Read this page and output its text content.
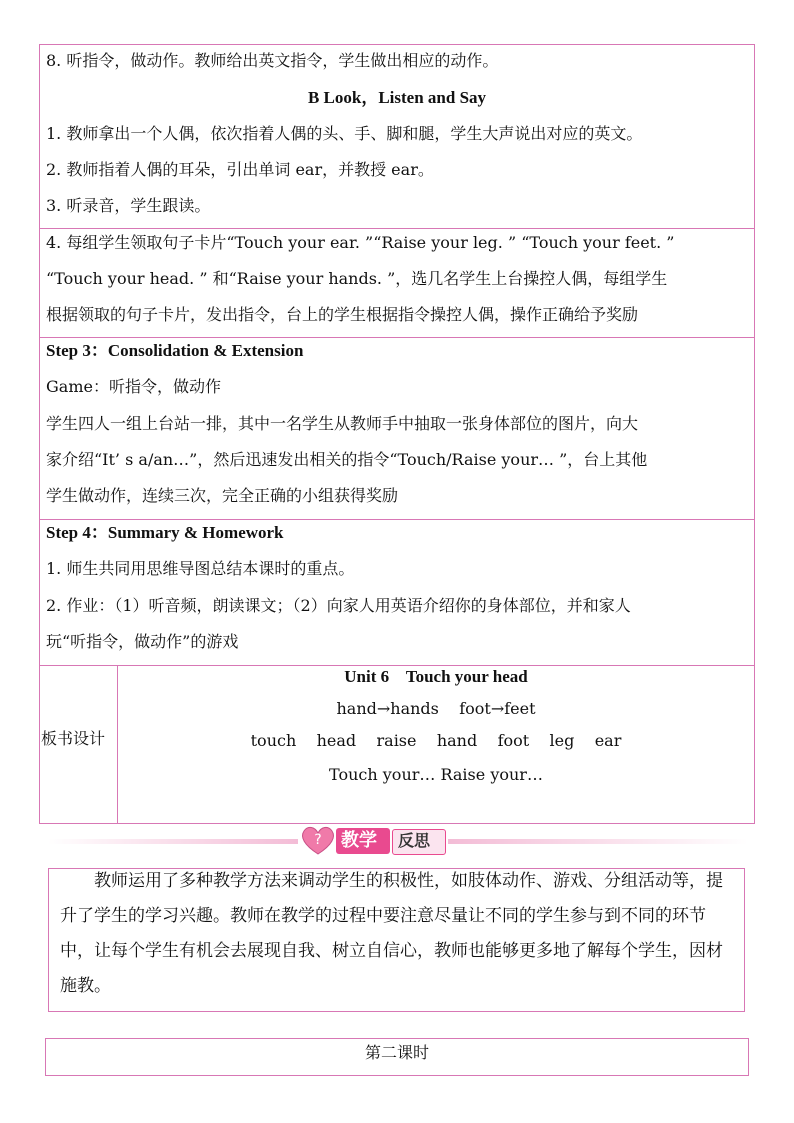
8. 听指令，做动作。教师给出英文指令，学生做出相应的动作。
B Look，Listen and Say
1. 教师拿出一个人偶，依次指着人偶的头、手、脚和腿，学生大声说出对应的英文。
2. 教师指着人偶的耳朵，引出单词 ear，并教授 ear。
3. 听录音，学生跟读。
4. 每组学生领取句子卡片“Touch your ear. ”“Raise your leg. ” “Touch your feet. ”
“Touch your head. ” 和“Raise your hands. ”，选几名学生上台操控人偶，每组学生
根据领取的句子卡片，发出指令，台上的学生根据指令操控人偶，操作正确给予奖励
Step 3：Consolidation & Extension
Game：听指令，做动作
学生四人一组上台站一排，其中一名学生从教师手中抽取一张身体部位的图片，向大
家介绍“It’ s a/an…”，然后迅速发出相关的指令“Touch/Raise your… ”，台上其他
学生做动作，连续三次，完全正确的小组获得奖励
Step 4：Summary & Homework
1. 师生共同用思维导图总结本课时的重点。
2. 作业：（1）听音频，朗读课文；（2）向家人用英语介绍你的身体部位，并和家人
玩“听指令，做动作”的游戏
板书设计
Unit 6    Touch your head
hand→hands    foot→feet
touch    head    raise    hand    foot    leg    ear
Touch your… Raise your…
? 教学 反思

教师运用了多种教学方法来调动学生的积极性，如肢体动作、游戏、分组活动等，提升了学生的学习兴趣。教师在教学的过程中要注意尽量让不同的学生参与到不同的环节中，让每个学生有机会去展现自我、树立自信心，教师也能够更多地了解每个学生，因材施教。

第二课时
